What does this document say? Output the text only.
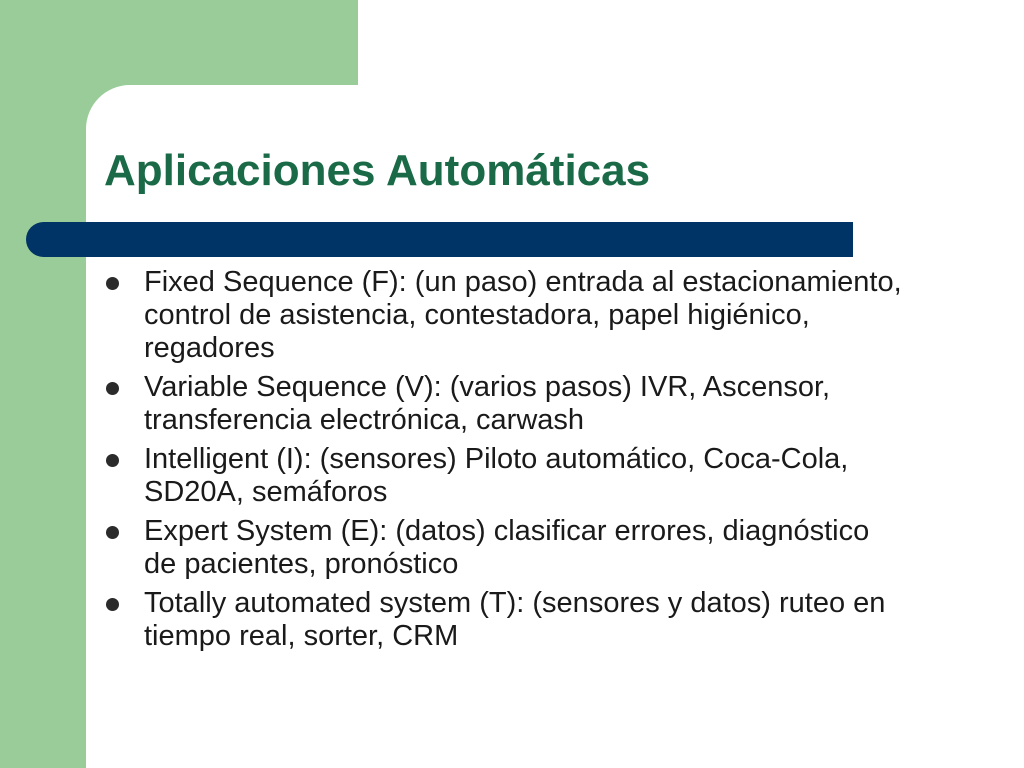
Aplicaciones Automáticas
Fixed Sequence (F): (un paso) entrada al estacionamiento, control de asistencia, contestadora, papel higiénico, regadores
Variable Sequence (V): (varios pasos) IVR, Ascensor, transferencia electrónica, carwash
Intelligent (I): (sensores) Piloto automático, Coca-Cola, SD20A, semáforos
Expert System (E): (datos) clasificar errores, diagnóstico de pacientes, pronóstico
Totally automated system (T): (sensores y datos) ruteo en tiempo real, sorter, CRM
